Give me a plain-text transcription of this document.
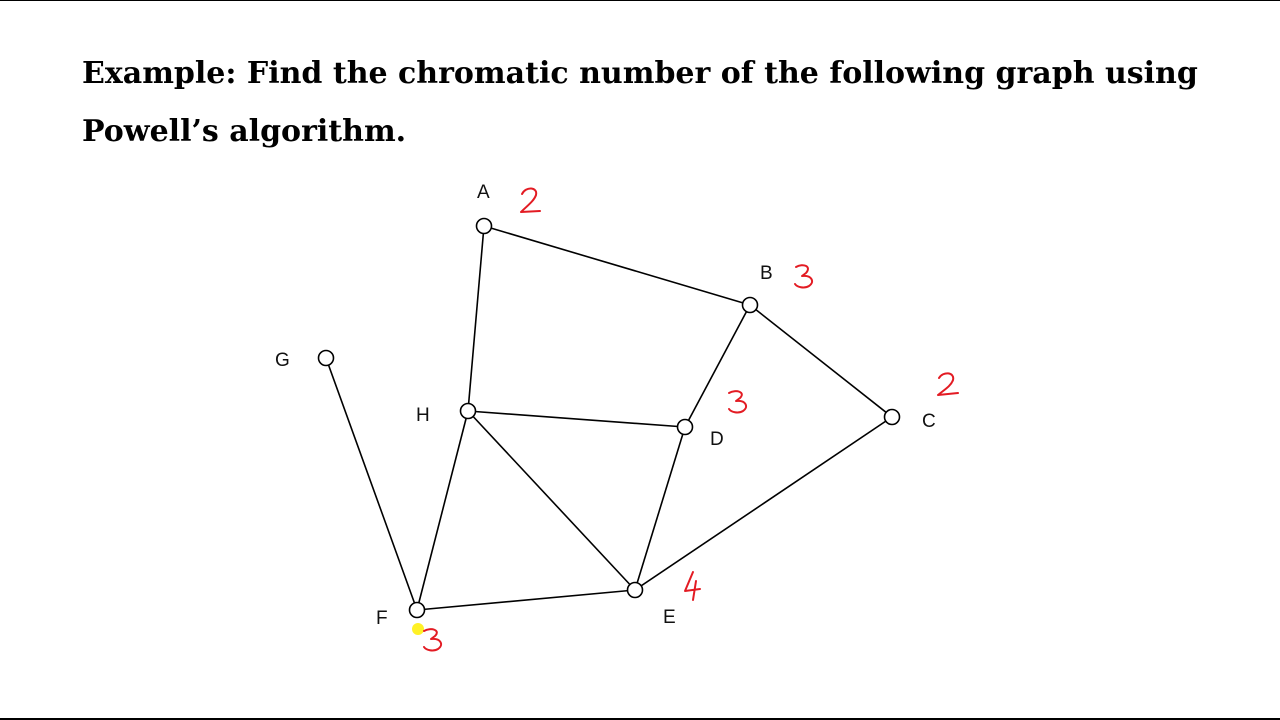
Example: Find the chromatic number of the following graph using

Powell’s algorithm.

A
B
C
D
E
F
G
H
